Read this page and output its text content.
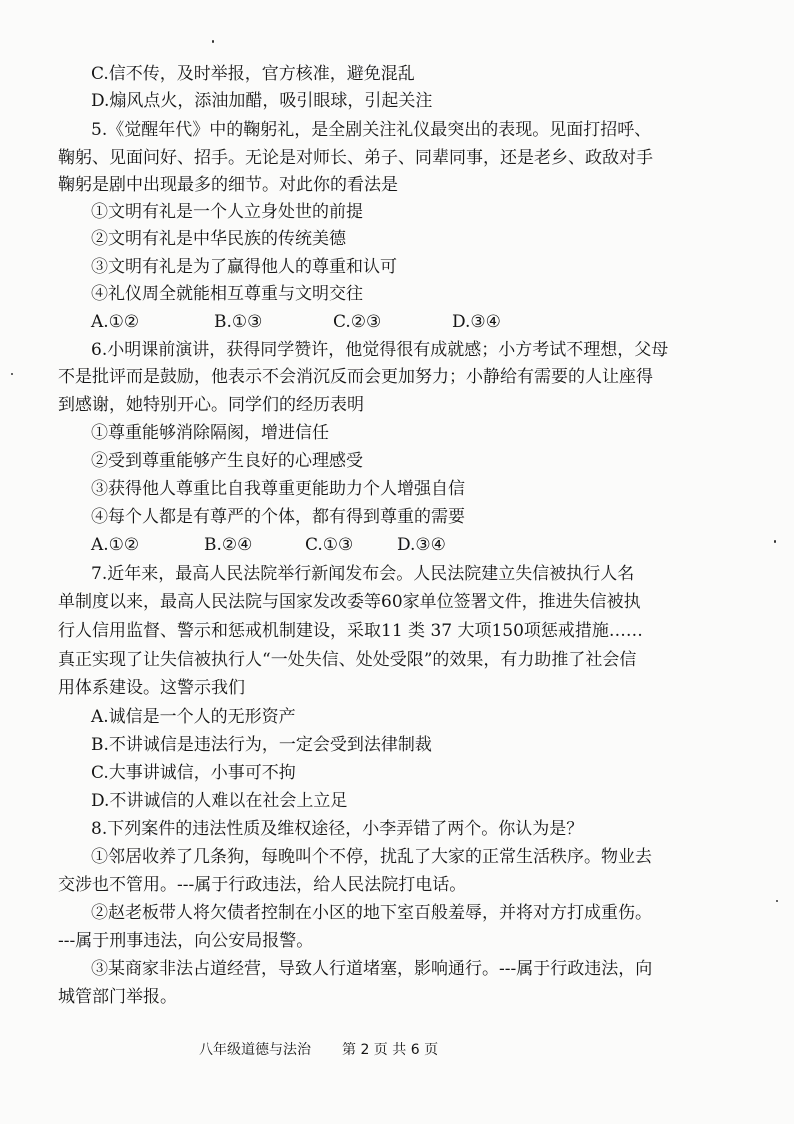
C.信不传，及时举报，官方核准，避免混乱
D.煽风点火，添油加醋，吸引眼球，引起关注
5.《觉醒年代》中的鞠躬礼，是全剧关注礼仪最突出的表现。见面打招呼、
鞠躬、见面问好、招手。无论是对师长、弟子、同辈同事，还是老乡、政敌对手
鞠躬是剧中出现最多的细节。对此你的看法是
①文明有礼是一个人立身处世的前提
②文明有礼是中华民族的传统美德
③文明有礼是为了赢得他人的尊重和认可
④礼仪周全就能相互尊重与文明交往
A.①②	B.①③	C.②③	D.③④
6.小明课前演讲，获得同学赞许，他觉得很有成就感；小方考试不理想，父母
不是批评而是鼓励，他表示不会消沉反而会更加努力；小静给有需要的人让座得
到感谢，她特别开心。同学们的经历表明
①尊重能够消除隔阂，增进信任
②受到尊重能够产生良好的心理感受
③获得他人尊重比自我尊重更能助力个人增强自信
④每个人都是有尊严的个体，都有得到尊重的需要
A.①②	B.②④	C.①③	D.③④
7.近年来，最高人民法院举行新闻发布会。人民法院建立失信被执行人名
单制度以来，最高人民法院与国家发改委等60家单位签署文件，推进失信被执
行人信用监督、警示和惩戒机制建设，采取11 类 37 大项150项惩戒措施……
真正实现了让失信被执行人“一处失信、处处受限”的效果，有力助推了社会信
用体系建设。这警示我们
A.诚信是一个人的无形资产
B.不讲诚信是违法行为，一定会受到法律制裁
C.大事讲诚信，小事可不拘
D.不讲诚信的人难以在社会上立足
8.下列案件的违法性质及维权途径，小李弄错了两个。你认为是？
①邻居收养了几条狗，每晚叫个不停，扰乱了大家的正常生活秩序。物业去
交涉也不管用。---属于行政违法，给人民法院打电话。
②赵老板带人将欠债者控制在小区的地下室百般羞辱，并将对方打成重伤。
---属于刑事违法，向公安局报警。
③某商家非法占道经营，导致人行道堵塞，影响通行。---属于行政违法，向
城管部门举报。
八年级道德与法治 第 2 页 共 6 页
